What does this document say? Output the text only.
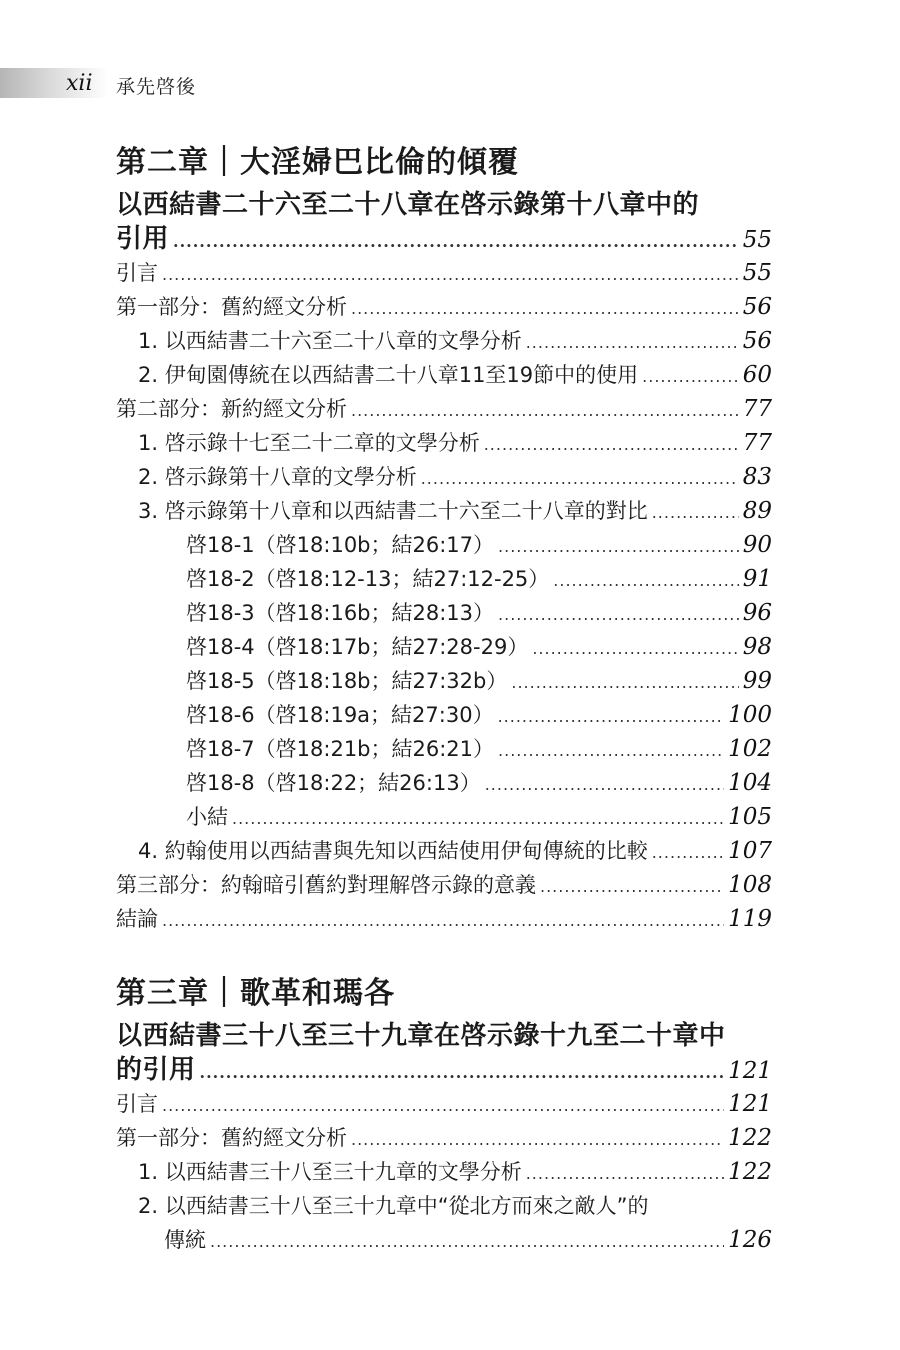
xii 承先啓後
第二章｜大淫婦巴比倫的傾覆
以西結書二十六至二十八章在啓示錄第十八章中的
引用 .....	55
引言 .....	55
第一部分：舊約經文分析 .....	56
1. 以西結書二十六至二十八章的文學分析 .....	56
2. 伊甸園傳統在以西結書二十八章11至19節中的使用 .....	60
第二部分：新約經文分析 .....	77
1. 啓示錄十七至二十二章的文學分析 .....	77
2. 啓示錄第十八章的文學分析 .....	83
3. 啓示錄第十八章和以西結書二十六至二十八章的對比 .....	89
啓18-1（啓18:10b；結26:17） .....	90
啓18-2（啓18:12-13；結27:12-25） .....	91
啓18-3（啓18:16b；結28:13） .....	96
啓18-4（啓18:17b；結27:28-29） .....	98
啓18-5（啓18:18b；結27:32b） .....	99
啓18-6（啓18:19a；結27:30） .....	100
啓18-7（啓18:21b；結26:21） .....	102
啓18-8（啓18:22；結26:13） .....	104
小結 .....	105
4. 約翰使用以西結書與先知以西結使用伊甸傳統的比較 .....	107
第三部分：約翰暗引舊約對理解啓示錄的意義 .....	108
結論 .....	119
第三章｜歌革和瑪各
以西結書三十八至三十九章在啓示錄十九至二十章中
的引用 .....	121
引言 .....	121
第一部分：舊約經文分析 .....	122
1. 以西結書三十八至三十九章的文學分析 .....	122
2. 以西結書三十八至三十九章中“從北方而來之敵人”的
傳統 .....	126
